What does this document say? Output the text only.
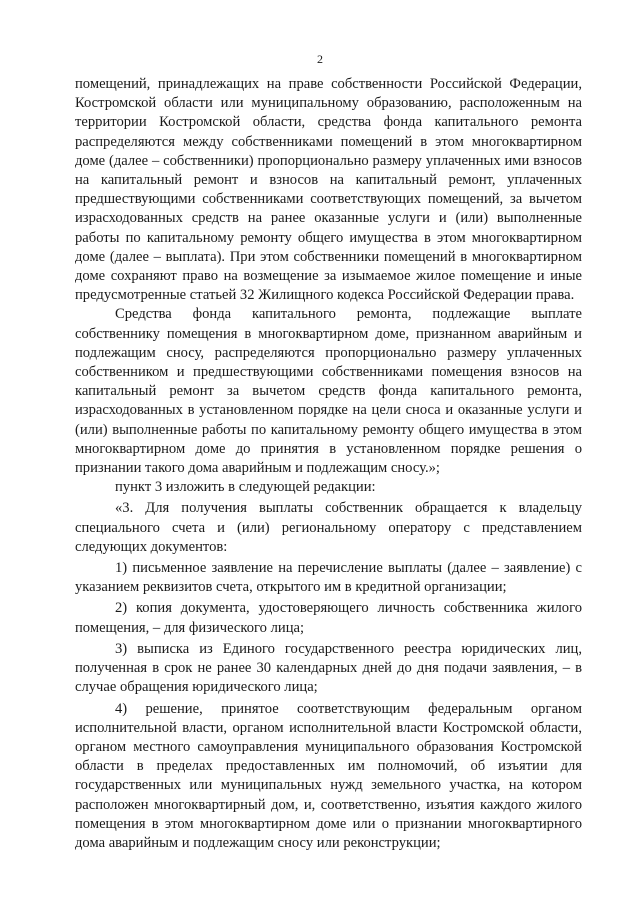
2

помещений, принадлежащих на праве собственности Российской Федерации, Костромской области или муниципальному образованию, расположенным на территории Костромской области, средства фонда капитального ремонта распределяются между собственниками помещений в этом многоквартирном доме (далее – собственники) пропорционально размеру уплаченных ими взносов на капитальный ремонт и взносов на капитальный ремонт, уплаченных предшествующими собственниками соответствующих помещений, за вычетом израсходованных средств на ранее оказанные услуги и (или) выполненные работы по капитальному ремонту общего имущества в этом многоквартирном доме (далее – выплата). При этом собственники помещений в многоквартирном доме сохраняют право на возмещение за изымаемое жилое помещение и иные предусмотренные статьей 32 Жилищного кодекса Российской Федерации права.

Средства фонда капитального ремонта, подлежащие выплате собственнику помещения в многоквартирном доме, признанном аварийным и подлежащим сносу, распределяются пропорционально размеру уплаченных собственником и предшествующими собственниками помещения взносов на капитальный ремонт за вычетом средств фонда капитального ремонта, израсходованных в установленном порядке на цели сноса и оказанные услуги и (или) выполненные работы по капитальному ремонту общего имущества в этом многоквартирном доме до принятия в установленном порядке решения о признании такого дома аварийным и подлежащим сносу.»;

пункт 3 изложить в следующей редакции:

«3. Для получения выплаты собственник обращается к владельцу специального счета и (или) региональному оператору с представлением следующих документов:

1) письменное заявление на перечисление выплаты (далее – заявление) с указанием реквизитов счета, открытого им в кредитной организации;

2) копия документа, удостоверяющего личность собственника жилого помещения, – для физического лица;

3) выписка из Единого государственного реестра юридических лиц, полученная в срок не ранее 30 календарных дней до дня подачи заявления, – в случае обращения юридического лица;

4) решение, принятое соответствующим федеральным органом исполнительной власти, органом исполнительной власти Костромской области, органом местного самоуправления муниципального образования Костромской области в пределах предоставленных им полномочий, об изъятии для государственных или муниципальных нужд земельного участка, на котором расположен многоквартирный дом, и, соответственно, изъятия каждого жилого помещения в этом многоквартирном доме или о признании многоквартирного дома аварийным и подлежащим сносу или реконструкции;
